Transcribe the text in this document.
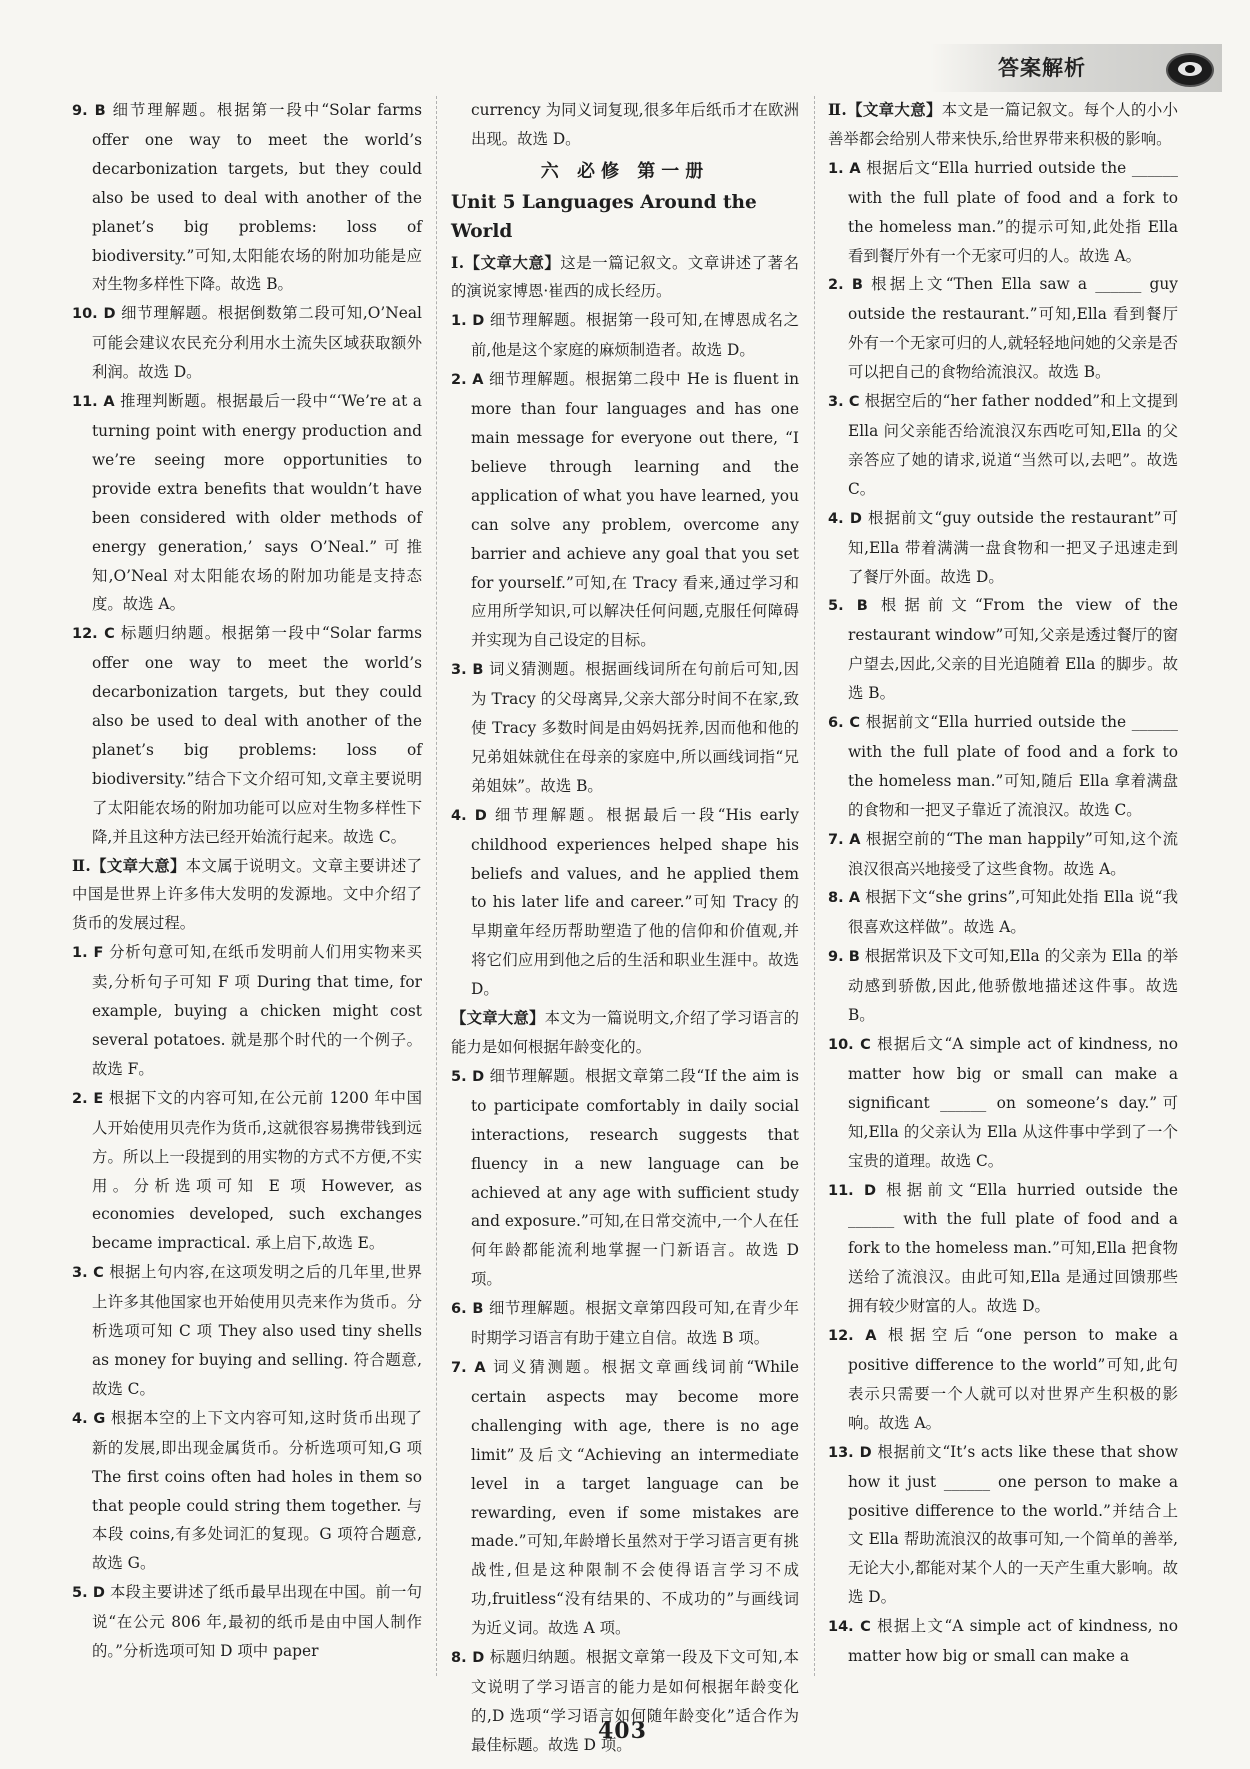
答案解析

9. B 细节理解题。根据第一段中“Solar farms offer one way to meet the world’s decarbonization targets, but they could also be used to deal with another of the planet’s big problems: loss of biodiversity.”可知,太阳能农场的附加功能是应对生物多样性下降。故选 B。

10. D 细节理解题。根据倒数第二段可知,O’Neal 可能会建议农民充分利用水土流失区域获取额外利润。故选 D。

11. A 推理判断题。根据最后一段中“‘We’re at a turning point with energy production and we’re seeing more opportunities to provide extra benefits that wouldn’t have been considered with older methods of energy generation,’ says O’Neal.”可推知,O’Neal 对太阳能农场的附加功能是支持态度。故选 A。

12. C 标题归纳题。根据第一段中“Solar farms offer one way to meet the world’s decarbonization targets, but they could also be used to deal with another of the planet’s big problems: loss of biodiversity.”结合下文介绍可知,文章主要说明了太阳能农场的附加功能可以应对生物多样性下降,并且这种方法已经开始流行起来。故选 C。

Ⅱ.【文章大意】本文属于说明文。文章主要讲述了中国是世界上许多伟大发明的发源地。文中介绍了货币的发展过程。

1. F 分析句意可知,在纸币发明前人们用实物来买卖,分析句子可知 F 项 During that time, for example, buying a chicken might cost several potatoes. 就是那个时代的一个例子。故选 F。

2. E 根据下文的内容可知,在公元前 1200 年中国人开始使用贝壳作为货币,这就很容易携带钱到远方。所以上一段提到的用实物的方式不方便,不实用。分析选项可知 E 项 However, as economies developed, such exchanges became impractical. 承上启下,故选 E。

3. C 根据上句内容,在这项发明之后的几年里,世界上许多其他国家也开始使用贝壳来作为货币。分析选项可知 C 项 They also used tiny shells as money for buying and selling. 符合题意,故选 C。

4. G 根据本空的上下文内容可知,这时货币出现了新的发展,即出现金属货币。分析选项可知,G 项 The first coins often had holes in them so that people could string them together. 与本段 coins,有多处词汇的复现。G 项符合题意,故选 G。

5. D 本段主要讲述了纸币最早出现在中国。前一句说“在公元 806 年,最初的纸币是由中国人制作的。”分析选项可知 D 项中 paper

currency 为同义词复现,很多年后纸币才在欧洲出现。故选 D。

六 必修 第一册
Unit 5 Languages Around the World

Ⅰ.【文章大意】这是一篇记叙文。文章讲述了著名的演说家博恩·崔西的成长经历。

1. D 细节理解题。根据第一段可知,在博恩成名之前,他是这个家庭的麻烦制造者。故选 D。

2. A 细节理解题。根据第二段中 He is fluent in more than four languages and has one main message for everyone out there, “I believe through learning and the application of what you have learned, you can solve any problem, overcome any barrier and achieve any goal that you set for yourself.”可知,在 Tracy 看来,通过学习和应用所学知识,可以解决任何问题,克服任何障碍并实现为自己设定的目标。

3. B 词义猜测题。根据画线词所在句前后可知,因为 Tracy 的父母离异,父亲大部分时间不在家,致使 Tracy 多数时间是由妈妈抚养,因而他和他的兄弟姐妹就住在母亲的家庭中,所以画线词指“兄弟姐妹”。故选 B。

4. D 细节理解题。根据最后一段“His early childhood experiences helped shape his beliefs and values, and he applied them to his later life and career.”可知 Tracy 的早期童年经历帮助塑造了他的信仰和价值观,并将它们应用到他之后的生活和职业生涯中。故选 D。

【文章大意】本文为一篇说明文,介绍了学习语言的能力是如何根据年龄变化的。

5. D 细节理解题。根据文章第二段“If the aim is to participate comfortably in daily social interactions, research suggests that fluency in a new language can be achieved at any age with sufficient study and exposure.”可知,在日常交流中,一个人在任何年龄都能流利地掌握一门新语言。故选 D 项。

6. B 细节理解题。根据文章第四段可知,在青少年时期学习语言有助于建立自信。故选 B 项。

7. A 词义猜测题。根据文章画线词前“While certain aspects may become more challenging with age, there is no age limit”及后文“Achieving an intermediate level in a target language can be rewarding, even if some mistakes are made.”可知,年龄增长虽然对于学习语言更有挑战性,但是这种限制不会使得语言学习不成功,fruitless“没有结果的、不成功的”与画线词为近义词。故选 A 项。

8. D 标题归纳题。根据文章第一段及下文可知,本文说明了学习语言的能力是如何根据年龄变化的,D 选项“学习语言如何随年龄变化”适合作为最佳标题。故选 D 项。

Ⅱ.【文章大意】本文是一篇记叙文。每个人的小小善举都会给别人带来快乐,给世界带来积极的影响。

1. A 根据后文“Ella hurried outside the ______ with the full plate of food and a fork to the homeless man.”的提示可知,此处指 Ella 看到餐厅外有一个无家可归的人。故选 A。

2. B 根据上文“Then Ella saw a ______ guy outside the restaurant.”可知,Ella 看到餐厅外有一个无家可归的人,就轻轻地问她的父亲是否可以把自己的食物给流浪汉。故选 B。

3. C 根据空后的“her father nodded”和上文提到 Ella 问父亲能否给流浪汉东西吃可知,Ella 的父亲答应了她的请求,说道“当然可以,去吧”。故选 C。

4. D 根据前文“guy outside the restaurant”可知,Ella 带着满满一盘食物和一把叉子迅速走到了餐厅外面。故选 D。

5. B 根据前文“From the view of the restaurant window”可知,父亲是透过餐厅的窗户望去,因此,父亲的目光追随着 Ella 的脚步。故选 B。

6. C 根据前文“Ella hurried outside the ______ with the full plate of food and a fork to the homeless man.”可知,随后 Ella 拿着满盘的食物和一把叉子靠近了流浪汉。故选 C。

7. A 根据空前的“The man happily”可知,这个流浪汉很高兴地接受了这些食物。故选 A。

8. A 根据下文“she grins”,可知此处指 Ella 说“我很喜欢这样做”。故选 A。

9. B 根据常识及下文可知,Ella 的父亲为 Ella 的举动感到骄傲,因此,他骄傲地描述这件事。故选 B。

10. C 根据后文“A simple act of kindness, no matter how big or small can make a significant ______ on someone’s day.”可知,Ella 的父亲认为 Ella 从这件事中学到了一个宝贵的道理。故选 C。

11. D 根据前文“Ella hurried outside the ______ with the full plate of food and a fork to the homeless man.”可知,Ella 把食物送给了流浪汉。由此可知,Ella 是通过回馈那些拥有较少财富的人。故选 D。

12. A 根据空后“one person to make a positive difference to the world”可知,此句表示只需要一个人就可以对世界产生积极的影响。故选 A。

13. D 根据前文“It’s acts like these that show how it just ______ one person to make a positive difference to the world.”并结合上文 Ella 帮助流浪汉的故事可知,一个简单的善举,无论大小,都能对某个人的一天产生重大影响。故选 D。

14. C 根据上文“A simple act of kindness, no matter how big or small can make a

403
